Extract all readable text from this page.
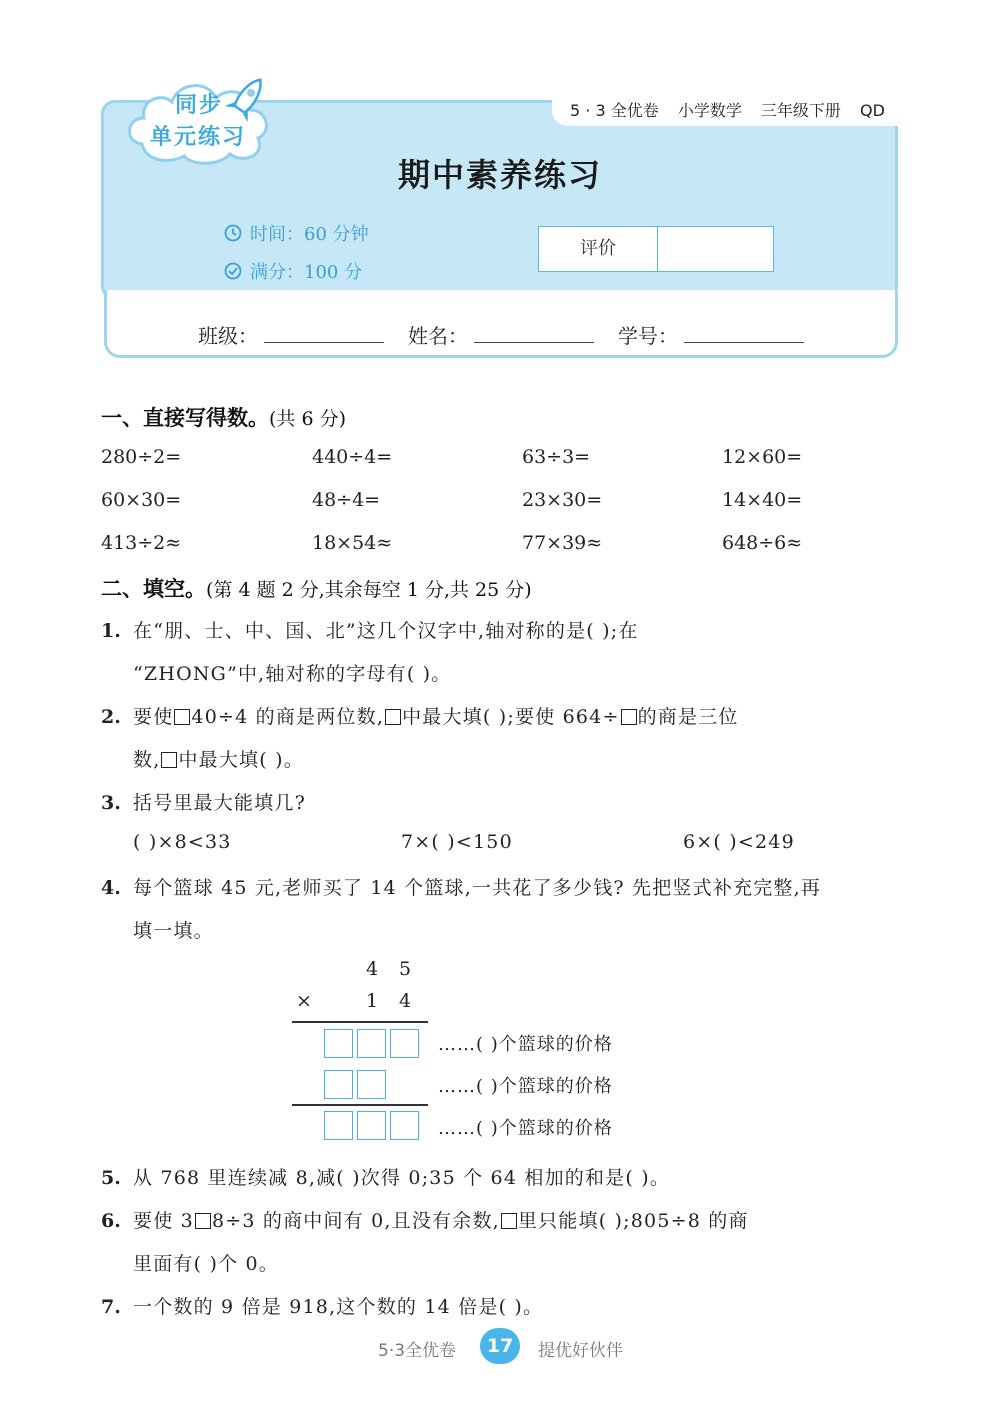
5 · 3 全优卷 小学数学 三年级下册 QD
同步
单元练习
期中素养练习
时间：60 分钟
满分：100 分
评价
班级：	姓名：	学号：
一、直接写得数。(共 6 分)
280÷2=	440÷4=	63÷3=	12×60=
60×30=	48÷4=	23×30=	14×40=
413÷2≈	18×54≈	77×39≈	648÷6≈
二、填空。(第 4 题 2 分,其余每空 1 分,共 25 分)
1. 在“朋、士、中、国、北”这几个汉字中,轴对称的是( );在
“ZHONG”中,轴对称的字母有( )。
2. 要使 40÷4 的商是两位数, 中最大填( );要使 664÷ 的商是三位
数, 中最大填( )。
3. 括号里最大能填几?
( )×8<33	7×( )<150	6×( )<249
4. 每个篮球 45 元,老师买了 14 个篮球,一共花了多少钱? 先把竖式补充完整,再
填一填。
4 5
×	1 4
……( )个篮球的价格
……( )个篮球的价格
……( )个篮球的价格
5. 从 768 里连续减 8,减( )次得 0;35 个 64 相加的和是( )。
6. 要使 3 8÷3 的商中间有 0,且没有余数, 里只能填( );805÷8 的商
里面有( )个 0。
7. 一个数的 9 倍是 918,这个数的 14 倍是( )。
5·3全优卷	17	提优好伙伴
